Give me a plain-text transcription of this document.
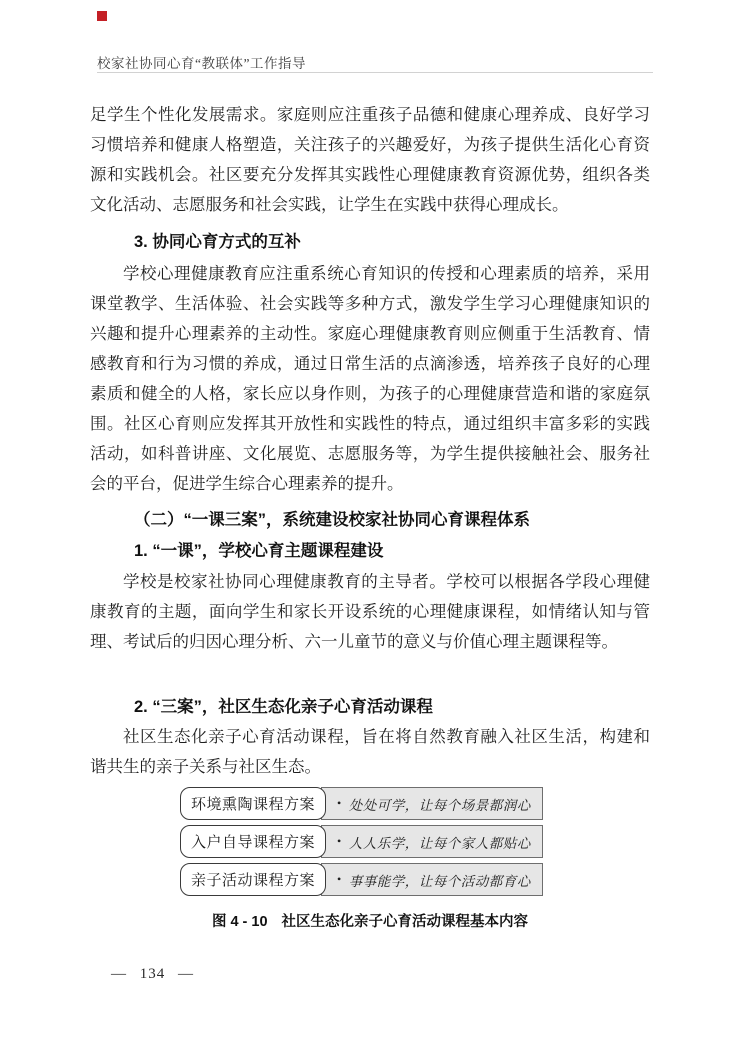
校家社协同心育“教联体”工作指导

足学生个性化发展需求。家庭则应注重孩子品德和健康心理养成、良好学习习惯培养和健康人格塑造，关注孩子的兴趣爱好，为孩子提供生活化心育资源和实践机会。社区要充分发挥其实践性心理健康教育资源优势，组织各类文化活动、志愿服务和社会实践，让学生在实践中获得心理成长。

3. 协同心育方式的互补

学校心理健康教育应注重系统心育知识的传授和心理素质的培养，采用课堂教学、生活体验、社会实践等多种方式，激发学生学习心理健康知识的兴趣和提升心理素养的主动性。家庭心理健康教育则应侧重于生活教育、情感教育和行为习惯的养成，通过日常生活的点滴渗透，培养孩子良好的心理素质和健全的人格，家长应以身作则，为孩子的心理健康营造和谐的家庭氛围。社区心育则应发挥其开放性和实践性的特点，通过组织丰富多彩的实践活动，如科普讲座、文化展览、志愿服务等，为学生提供接触社会、服务社会的平台，促进学生综合心理素养的提升。

（二）“一课三案”，系统建设校家社协同心育课程体系
1. “一课”，学校心育主题课程建设

学校是校家社协同心理健康教育的主导者。学校可以根据各学段心理健康教育的主题，面向学生和家长开设系统的心理健康课程，如情绪认知与管理、考试后的归因心理分析、六一儿童节的意义与价值心理主题课程等。

2. “三案”，社区生态化亲子心育活动课程

社区生态化亲子心育活动课程，旨在将自然教育融入社区生活，构建和谐共生的亲子关系与社区生态。

环境熏陶课程方案	• 处处可学，让每个场景都润心
入户自导课程方案	• 人人乐学，让每个家人都贴心
亲子活动课程方案	• 事事能学，让每个活动都育心
图 4 - 10 社区生态化亲子心育活动课程基本内容
— 134 —
